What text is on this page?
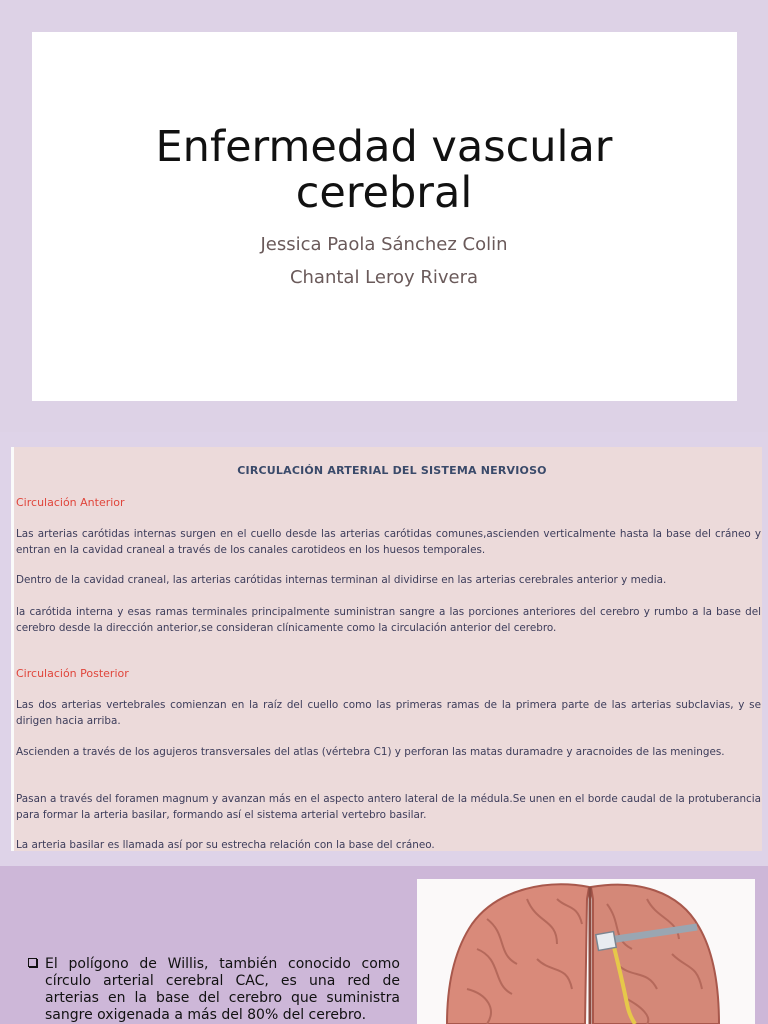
Enfermedad vascular
cerebral
Jessica Paola Sánchez Colin
Chantal Leroy Rivera
CIRCULACIÓN ARTERIAL DEL SISTEMA NERVIOSO
Circulación Anterior
Las arterias carótidas internas surgen en el cuello desde las arterias carótidas comunes,ascienden verticalmente hasta la base del cráneo y entran en la cavidad craneal a través de los canales carotideos en los huesos temporales.
Dentro de la cavidad craneal, las arterias carótidas internas terminan al dividirse en las arterias cerebrales anterior y media.
la carótida interna y esas ramas terminales principalmente suministran sangre a las porciones anteriores del cerebro y rumbo a la base del cerebro desde la dirección anterior,se consideran clínicamente como la circulación anterior del cerebro.
Circulación Posterior
Las dos arterias vertebrales comienzan en la raíz del cuello como las primeras ramas de la primera parte de las arterias subclavias, y se dirigen hacia arriba.
Ascienden a través de los agujeros transversales del atlas (vértebra C1) y perforan las matas duramadre y aracnoides de las meninges.
Pasan a través del foramen magnum y avanzan más en el aspecto antero lateral de la médula.Se unen en el borde caudal de la protuberancia para formar la arteria basilar, formando así el sistema arterial vertebro basilar.
La arteria basilar es llamada así por su estrecha relación con la base del cráneo.
El polígono de Willis, también conocido como círculo arterial cerebral CAC, es una red de arterias en la base del cerebro que suministra sangre oxigenada a más del 80% del cerebro.
